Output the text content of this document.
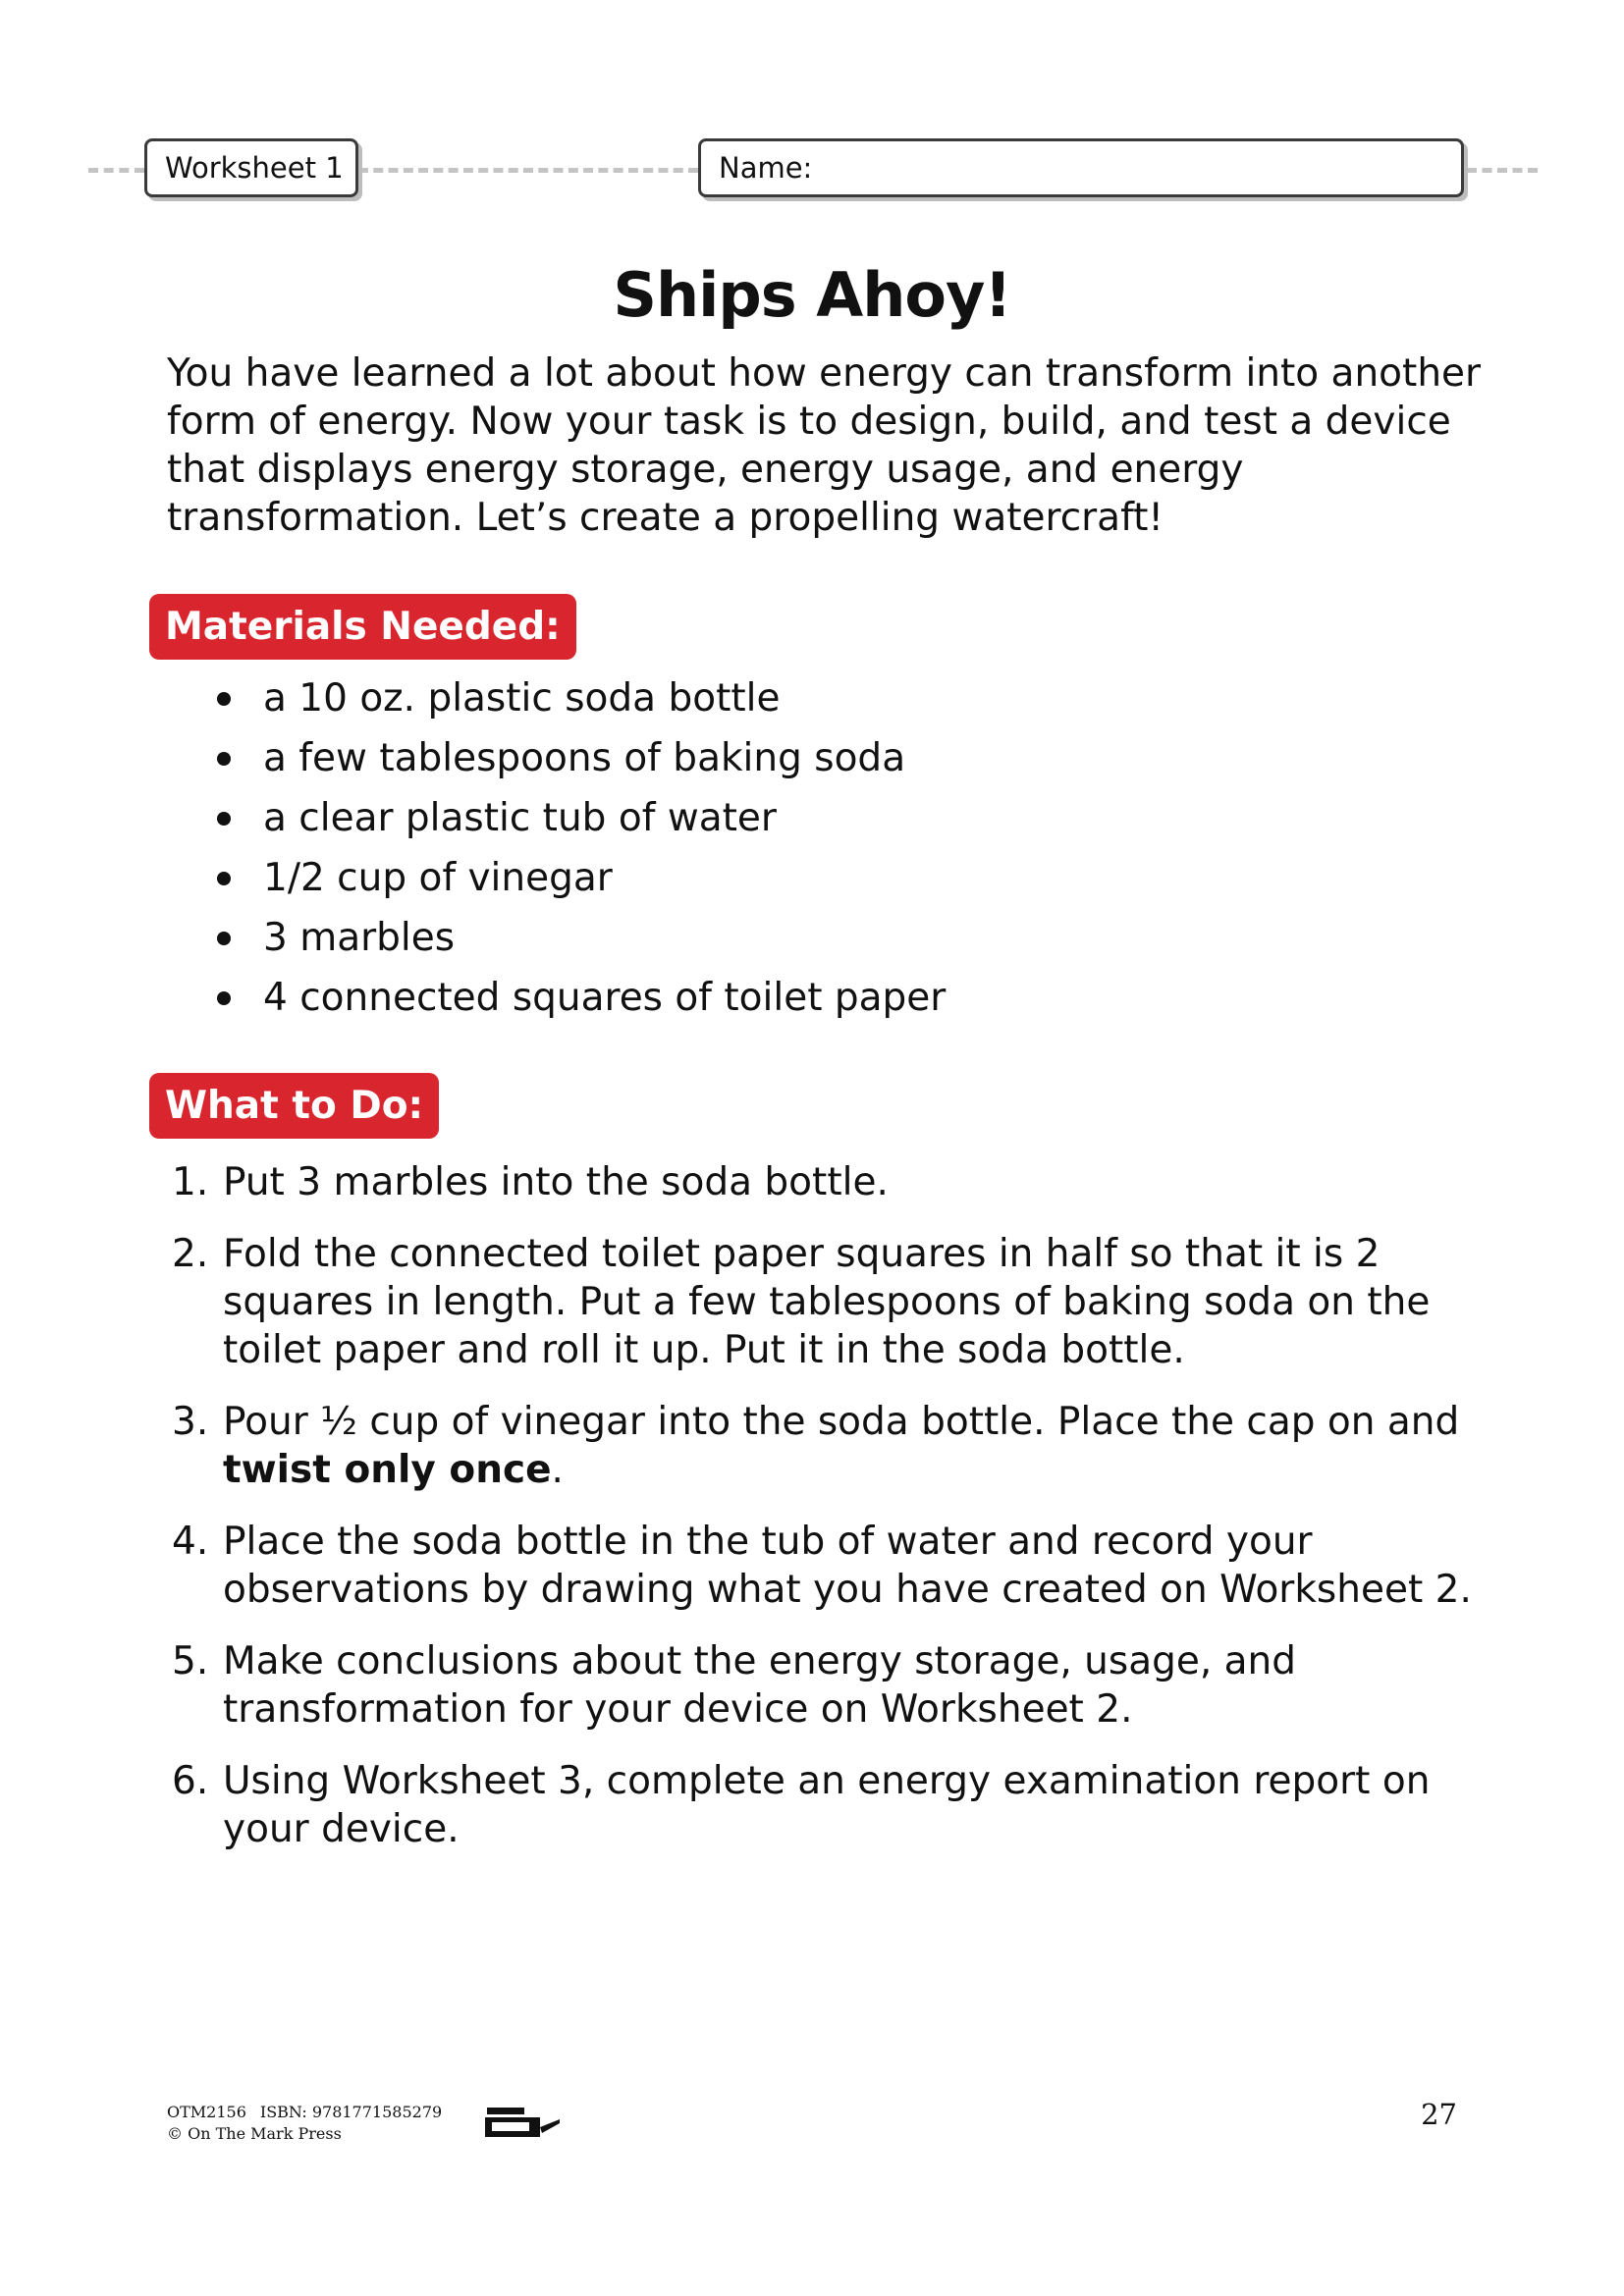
Worksheet 1	Name:
Ships Ahoy!

You have learned a lot about how energy can transform into another form of energy. Now your task is to design, build, and test a device that displays energy storage, energy usage, and energy transformation. Let’s create a propelling watercraft!

Materials Needed:
a 10 oz. plastic soda bottle
a few tablespoons of baking soda
a clear plastic tub of water
1/2 cup of vinegar
3 marbles
4 connected squares of toilet paper
What to Do:
1. Put 3 marbles into the soda bottle.
2. Fold the connected toilet paper squares in half so that it is 2 squares in length. Put a few tablespoons of baking soda on the toilet paper and roll it up. Put it in the soda bottle.
3. Pour ½ cup of vinegar into the soda bottle. Place the cap on and twist only once.
4. Place the soda bottle in the tub of water and record your observations by drawing what you have created on Worksheet 2.
5. Make conclusions about the energy storage, usage, and transformation for your device on Worksheet 2.
6. Using Worksheet 3, complete an energy examination report on your device.
OTM2156 ISBN: 9781771585279
© On The Mark Press
27
